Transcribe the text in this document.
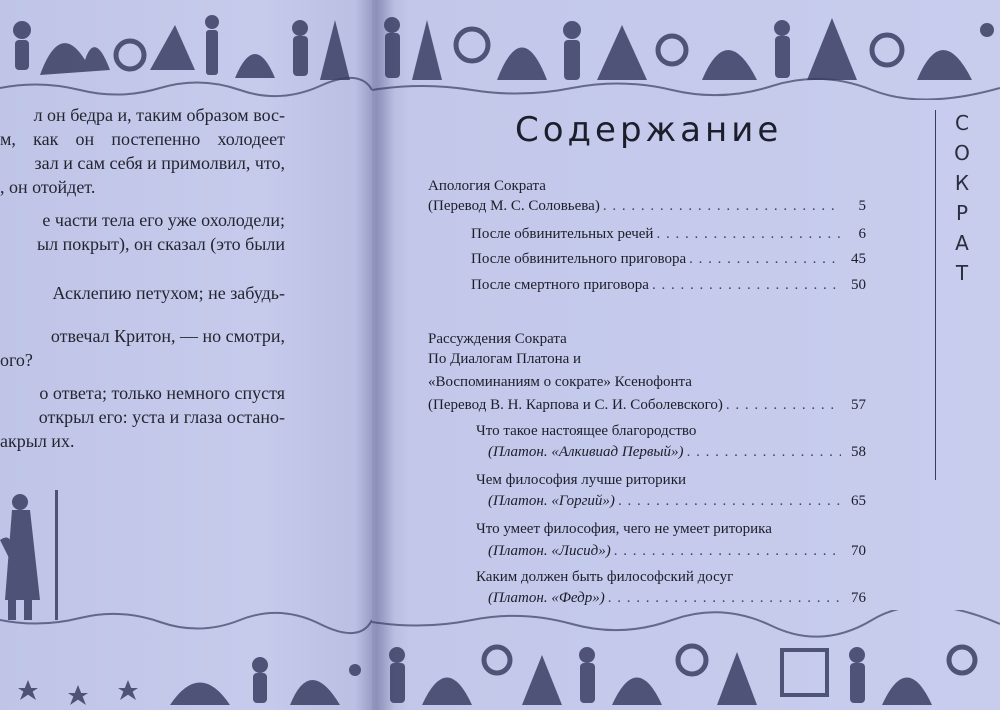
л он бедра и, таким образом вос-
м, как он постепенно холодеет
зал и сам себя и примолвил, что,
, он отойдет.
е части тела его уже охолодели;
ыл покрыт), он сказал (это были
Асклепию петухом; не забудь-
отвечал Критон, — но смотри,
ого?
о ответа; только немного спустя
открыл его: уста и глаза остано-
акрыл их.
Содержание	С
О
К
Р
А
Т
Апология Сократа
(Перевод М. С. Соловьева) . . .	5
После обвинительных речей . . .	6
После обвинительного приговора . . .	45
После смертного приговора . . .	50
Рассуждения Сократа
По Диалогам Платона и
«Воспоминаниям о сократе» Ксенофонта
(Перевод В. Н. Карпова и С. И. Соболевского) . . .	57
Что такое настоящее благородство
(Платон. «Алкивиад Первый») . . .	58
Чем философия лучше риторики
(Платон. «Горгий») . . .	65
Что умеет философия, чего не умеет риторика
(Платон. «Лисид») . . .	70
Каким должен быть философский досуг
(Платон. «Федр») . . .	76
